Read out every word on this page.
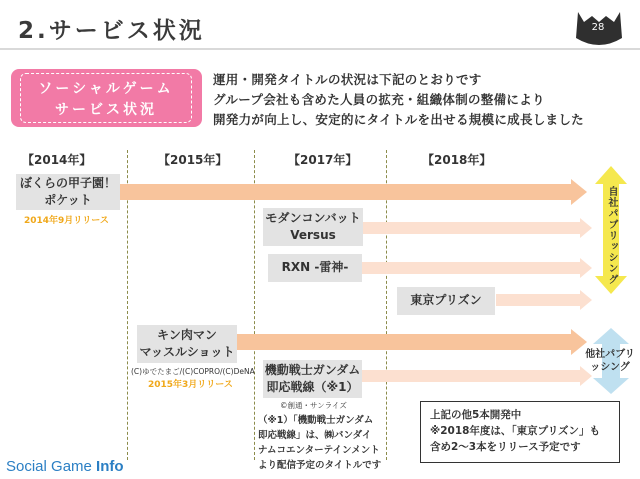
2.サービス状況	28
ソーシャルゲーム
サービス状況
運用・開発タイトルの状況は下記のとおりです
グループ会社も含めた人員の拡充・組織体制の整備により
開発力が向上し、安定的にタイトルを出せる規模に成長しました
【2014年】	【2015年】	【2017年】	【2018年】
ぼくらの甲子園！
ポケット
2014年9月リリース	モダンコンバット
Versus
RXN -雷神-
東京プリズン
キン肉マン
マッスルショット
(C)ゆでたまご/(C)COPRO/(C)DeNA
2015年3月リリース
機動戦士ガンダム
即応戦線（※1）
©創通・サンライズ
（※1）「機動戦士ガンダム
即応戦線」は、㈱バンダイ
ナムコエンターテインメント
より配信予定のタイトルです
上記の他5本開発中
※2018年度は、「東京プリズン」も
含め2～3本をリリース予定です
自社パブリッシング
他社パブリ
ッシング
Social Game Info
